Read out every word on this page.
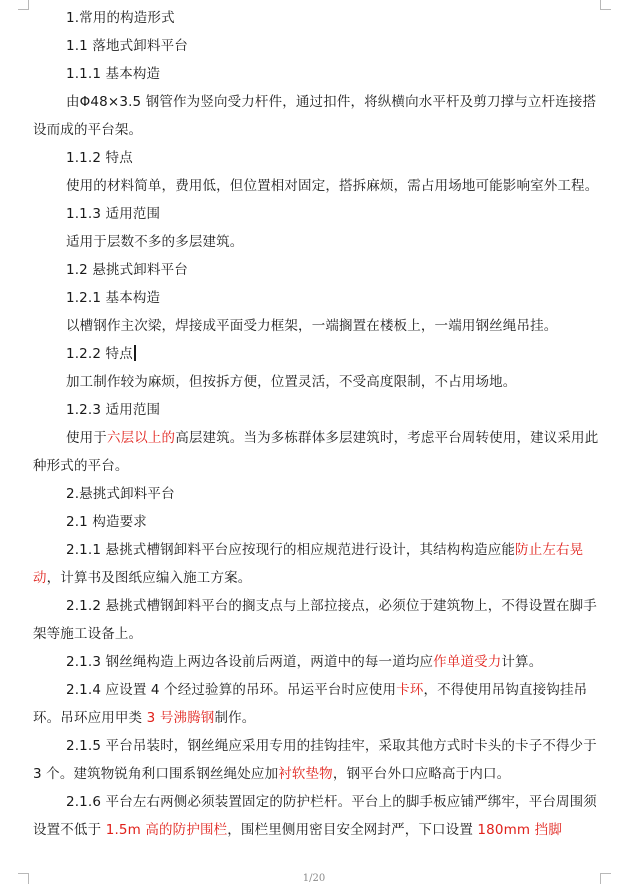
1.常用的构造形式

1.1 落地式卸料平台

1.1.1 基本构造

由Φ48×3.5 钢管作为竖向受力杆件，通过扣件，将纵横向水平杆及剪刀撑与立杆连接搭设而成的平台架。

1.1.2 特点

使用的材料简单，费用低，但位置相对固定，搭拆麻烦，需占用场地可能影响室外工程。

1.1.3 适用范围

适用于层数不多的多层建筑。

1.2 悬挑式卸料平台

1.2.1 基本构造

以槽钢作主次梁，焊接成平面受力框架，一端搁置在楼板上，一端用钢丝绳吊挂。

1.2.2 特点

加工制作较为麻烦，但按拆方便，位置灵活，不受高度限制，不占用场地。

1.2.3 适用范围

使用于六层以上的高层建筑。当为多栋群体多层建筑时，考虑平台周转使用，建议采用此种形式的平台。

2.悬挑式卸料平台

2.1 构造要求

2.1.1 悬挑式槽钢卸料平台应按现行的相应规范进行设计，其结构构造应能防止左右晃动，计算书及图纸应编入施工方案。

2.1.2 悬挑式槽钢卸料平台的搁支点与上部拉接点，必须位于建筑物上，不得设置在脚手架等施工设备上。

2.1.3 钢丝绳构造上两边各设前后两道，两道中的每一道均应作单道受力计算。

2.1.4 应设置 4 个经过验算的吊环。吊运平台时应使用卡环，不得使用吊钩直接钩挂吊环。吊环应用甲类 3 号沸腾钢制作。

2.1.5 平台吊装时，钢丝绳应采用专用的挂钩挂牢，采取其他方式时卡头的卡子不得少于 3 个。建筑物锐角利口围系钢丝绳处应加衬软垫物，钢平台外口应略高于内口。

2.1.6 平台左右两侧必须装置固定的防护栏杆。平台上的脚手板应铺严绑牢，平台周围须设置不低于 1.5m 高的防护围栏，围栏里侧用密目安全网封严，下口设置 180mm 挡脚

1/20
